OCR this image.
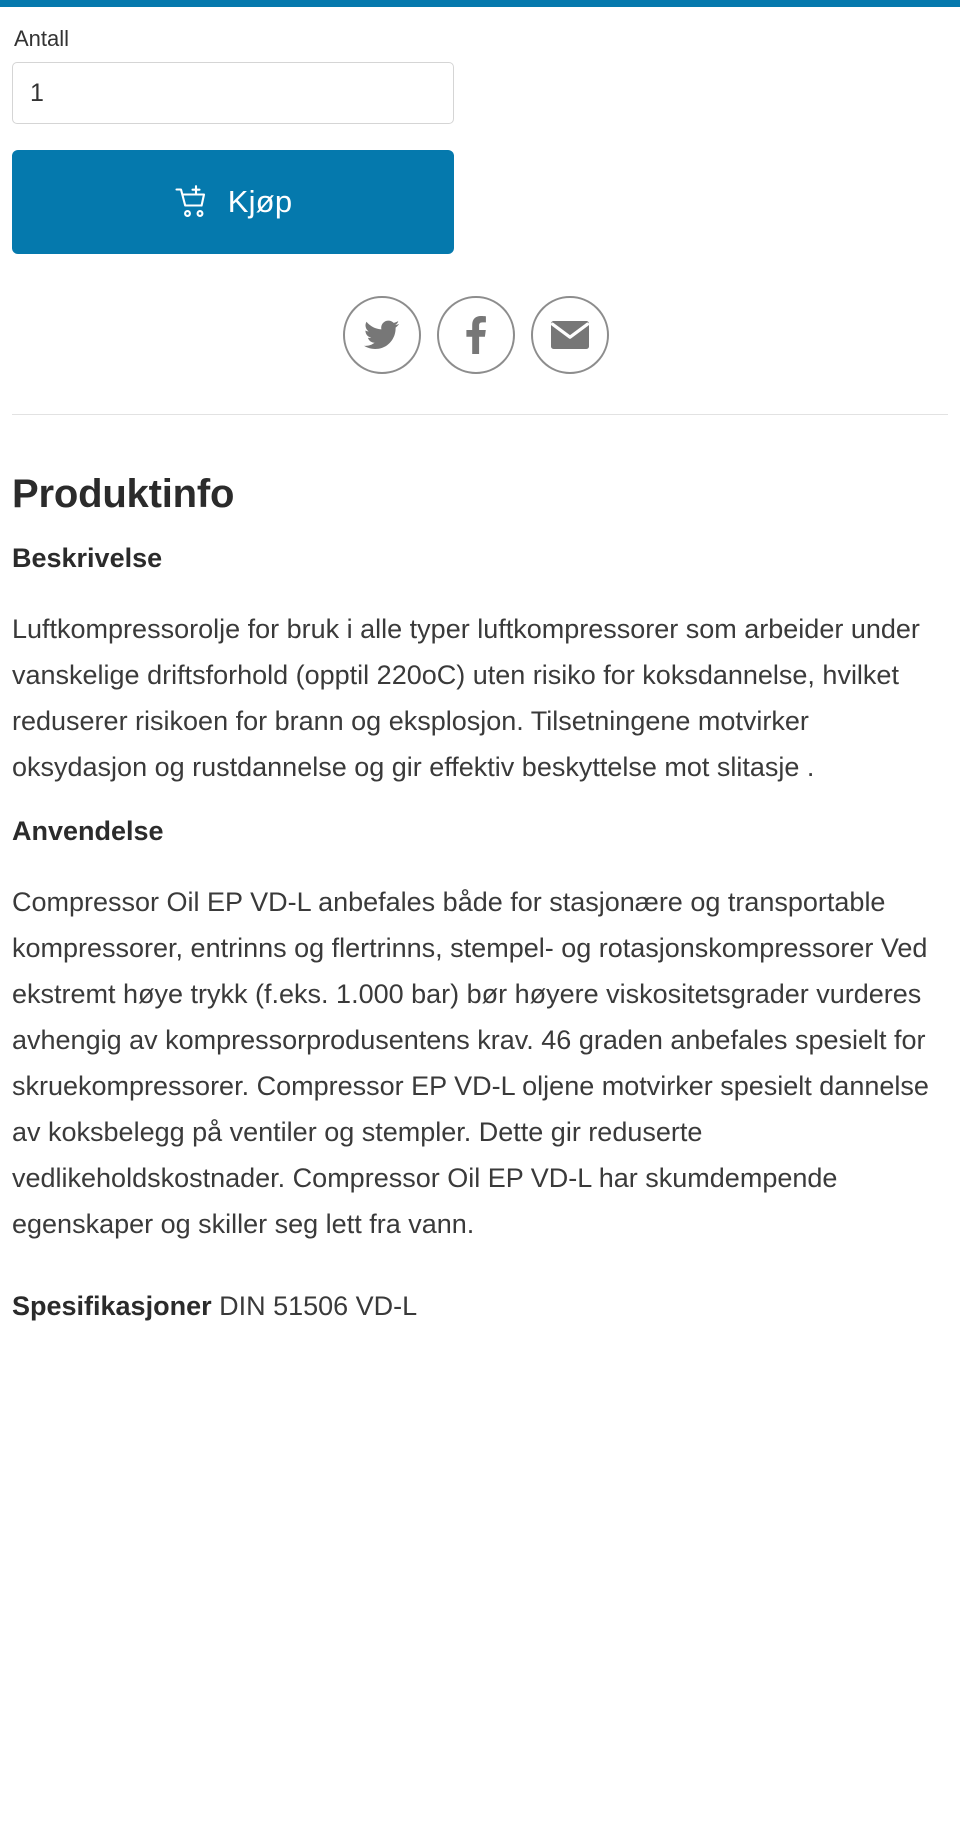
Antall
1
Kjøp
Produktinfo
Beskrivelse

Luftkompressorolje for bruk i alle typer luftkompressorer som arbeider under vanskelige driftsforhold (opptil 220oC) uten risiko for koksdannelse, hvilket reduserer risikoen for brann og eksplosjon. Tilsetningene motvirker oksydasjon og rustdannelse og gir effektiv beskyttelse mot slitasje .

Anvendelse

Compressor Oil EP VD-L anbefales både for stasjonære og transportable kompressorer, entrinns og flertrinns, stempel- og rotasjonskompressorer Ved ekstremt høye trykk (f.eks. 1.000 bar) bør høyere viskositetsgrader vurderes avhengig av kompressorprodusentens krav. 46 graden anbefales spesielt for skruekompressorer. Compressor EP VD-L oljene motvirker spesielt dannelse av koksbelegg på ventiler og stempler. Dette gir reduserte vedlikeholdskostnader. Compressor Oil EP VD-L har skumdempende egenskaper og skiller seg lett fra vann.

Spesifikasjoner DIN 51506 VD-L
